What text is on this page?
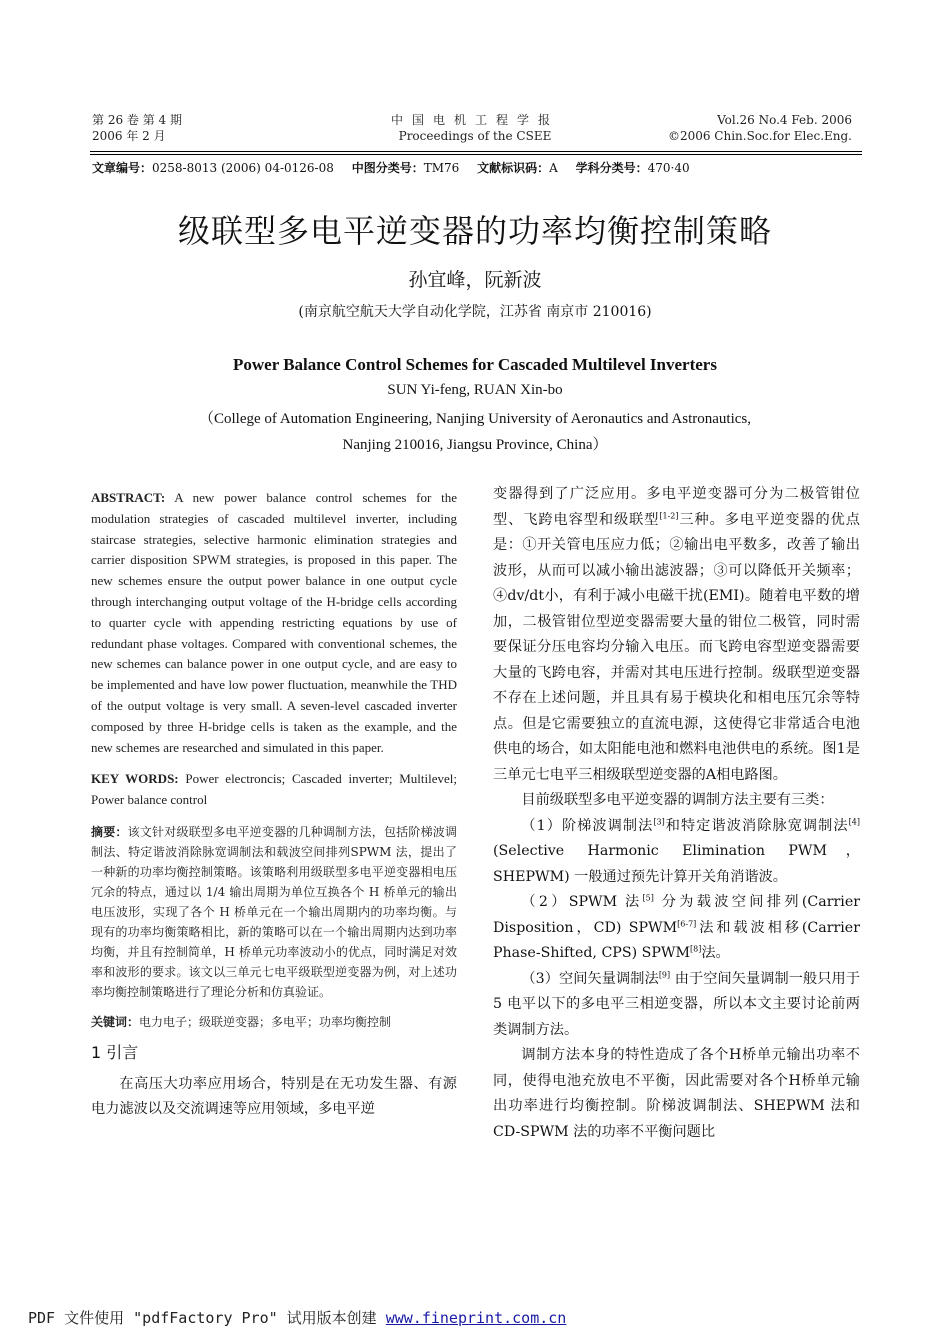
第 26 卷 第 4 期
2006 年 2 月
中国电机工程学报
Proceedings of the CSEE
Vol.26 No.4 Feb. 2006
©2006 Chin.Soc.for Elec.Eng.
文章编号：0258-8013 (2006) 04-0126-08 中图分类号：TM76 文献标识码：A 学科分类号：470·40
级联型多电平逆变器的功率均衡控制策略
孙宜峰，阮新波
(南京航空航天大学自动化学院，江苏省 南京市 210016)
Power Balance Control Schemes for Cascaded Multilevel Inverters
SUN Yi-feng, RUAN Xin-bo
（College of Automation Engineering, Nanjing University of Aeronautics and Astronautics,
Nanjing 210016, Jiangsu Province, China）
ABSTRACT: A new power balance control schemes for the modulation strategies of cascaded multilevel inverter, including staircase strategies, selective harmonic elimination strategies and carrier disposition SPWM strategies, is proposed in this paper. The new schemes ensure the output power balance in one output cycle through interchanging output voltage of the H-bridge cells according to quarter cycle with appending restricting equations by use of redundant phase voltages. Compared with conventional schemes, the new schemes can balance power in one output cycle, and are easy to be implemented and have low power fluctuation, meanwhile the THD of the output voltage is very small. A seven-level cascaded inverter composed by three H-bridge cells is taken as the example, and the new schemes are researched and simulated in this paper.
KEY WORDS: Power electroncis; Cascaded inverter; Multilevel; Power balance control
摘要：该文针对级联型多电平逆变器的几种调制方法，包括阶梯波调制法、特定谐波消除脉宽调制法和载波空间排列SPWM 法，提出了一种新的功率均衡控制策略。该策略利用级联型多电平逆变器相电压冗余的特点，通过以 1/4 输出周期为单位互换各个 H 桥单元的输出电压波形，实现了各个 H 桥单元在一个输出周期内的功率均衡。与现有的功率均衡策略相比，新的策略可以在一个输出周期内达到功率均衡，并且有控制简单，H 桥单元功率波动小的优点，同时满足对效率和波形的要求。该文以三单元七电平级联型逆变器为例，对上述功率均衡控制策略进行了理论分析和仿真验证。
关键词：电力电子；级联逆变器；多电平；功率均衡控制
1 引言
在高压大功率应用场合，特别是在无功发生器、有源电力滤波以及交流调速等应用领域，多电平逆

变器得到了广泛应用。多电平逆变器可分为二极管钳位型、飞跨电容型和级联型[1-2]三种。多电平逆变器的优点是：①开关管电压应力低；②输出电平数多，改善了输出波形，从而可以减小输出滤波器；③可以降低开关频率；④dv/dt小，有利于减小电磁干扰(EMI)。随着电平数的增加，二极管钳位型逆变器需要大量的钳位二极管，同时需要保证分压电容均分输入电压。而飞跨电容型逆变器需要大量的飞跨电容，并需对其电压进行控制。级联型逆变器不存在上述问题，并且具有易于模块化和相电压冗余等特点。但是它需要独立的直流电源，这使得它非常适合电池供电的场合，如太阳能电池和燃料电池供电的系统。图1是三单元七电平三相级联型逆变器的A相电路图。

目前级联型多电平逆变器的调制方法主要有三类：

（1）阶梯波调制法[3]和特定谐波消除脉宽调制法[4] (Selective Harmonic Elimination PWM，SHEPWM) 一般通过预先计算开关角消谐波。

（2）SPWM 法[5] 分为载波空间排列(Carrier Disposition，CD) SPWM[6-7]法和载波相移(Carrier Phase-Shifted, CPS) SPWM[8]法。

（3）空间矢量调制法[9] 由于空间矢量调制一般只用于 5 电平以下的多电平三相逆变器，所以本文主要讨论前两类调制方法。

调制方法本身的特性造成了各个H桥单元输出功率不同，使得电池充放电不平衡，因此需要对各个H桥单元输出功率进行均衡控制。阶梯波调制法、SHEPWM 法和 CD-SPWM 法的功率不平衡问题比

PDF 文件使用 "pdfFactory Pro" 试用版本创建 www.fineprint.com.cn
